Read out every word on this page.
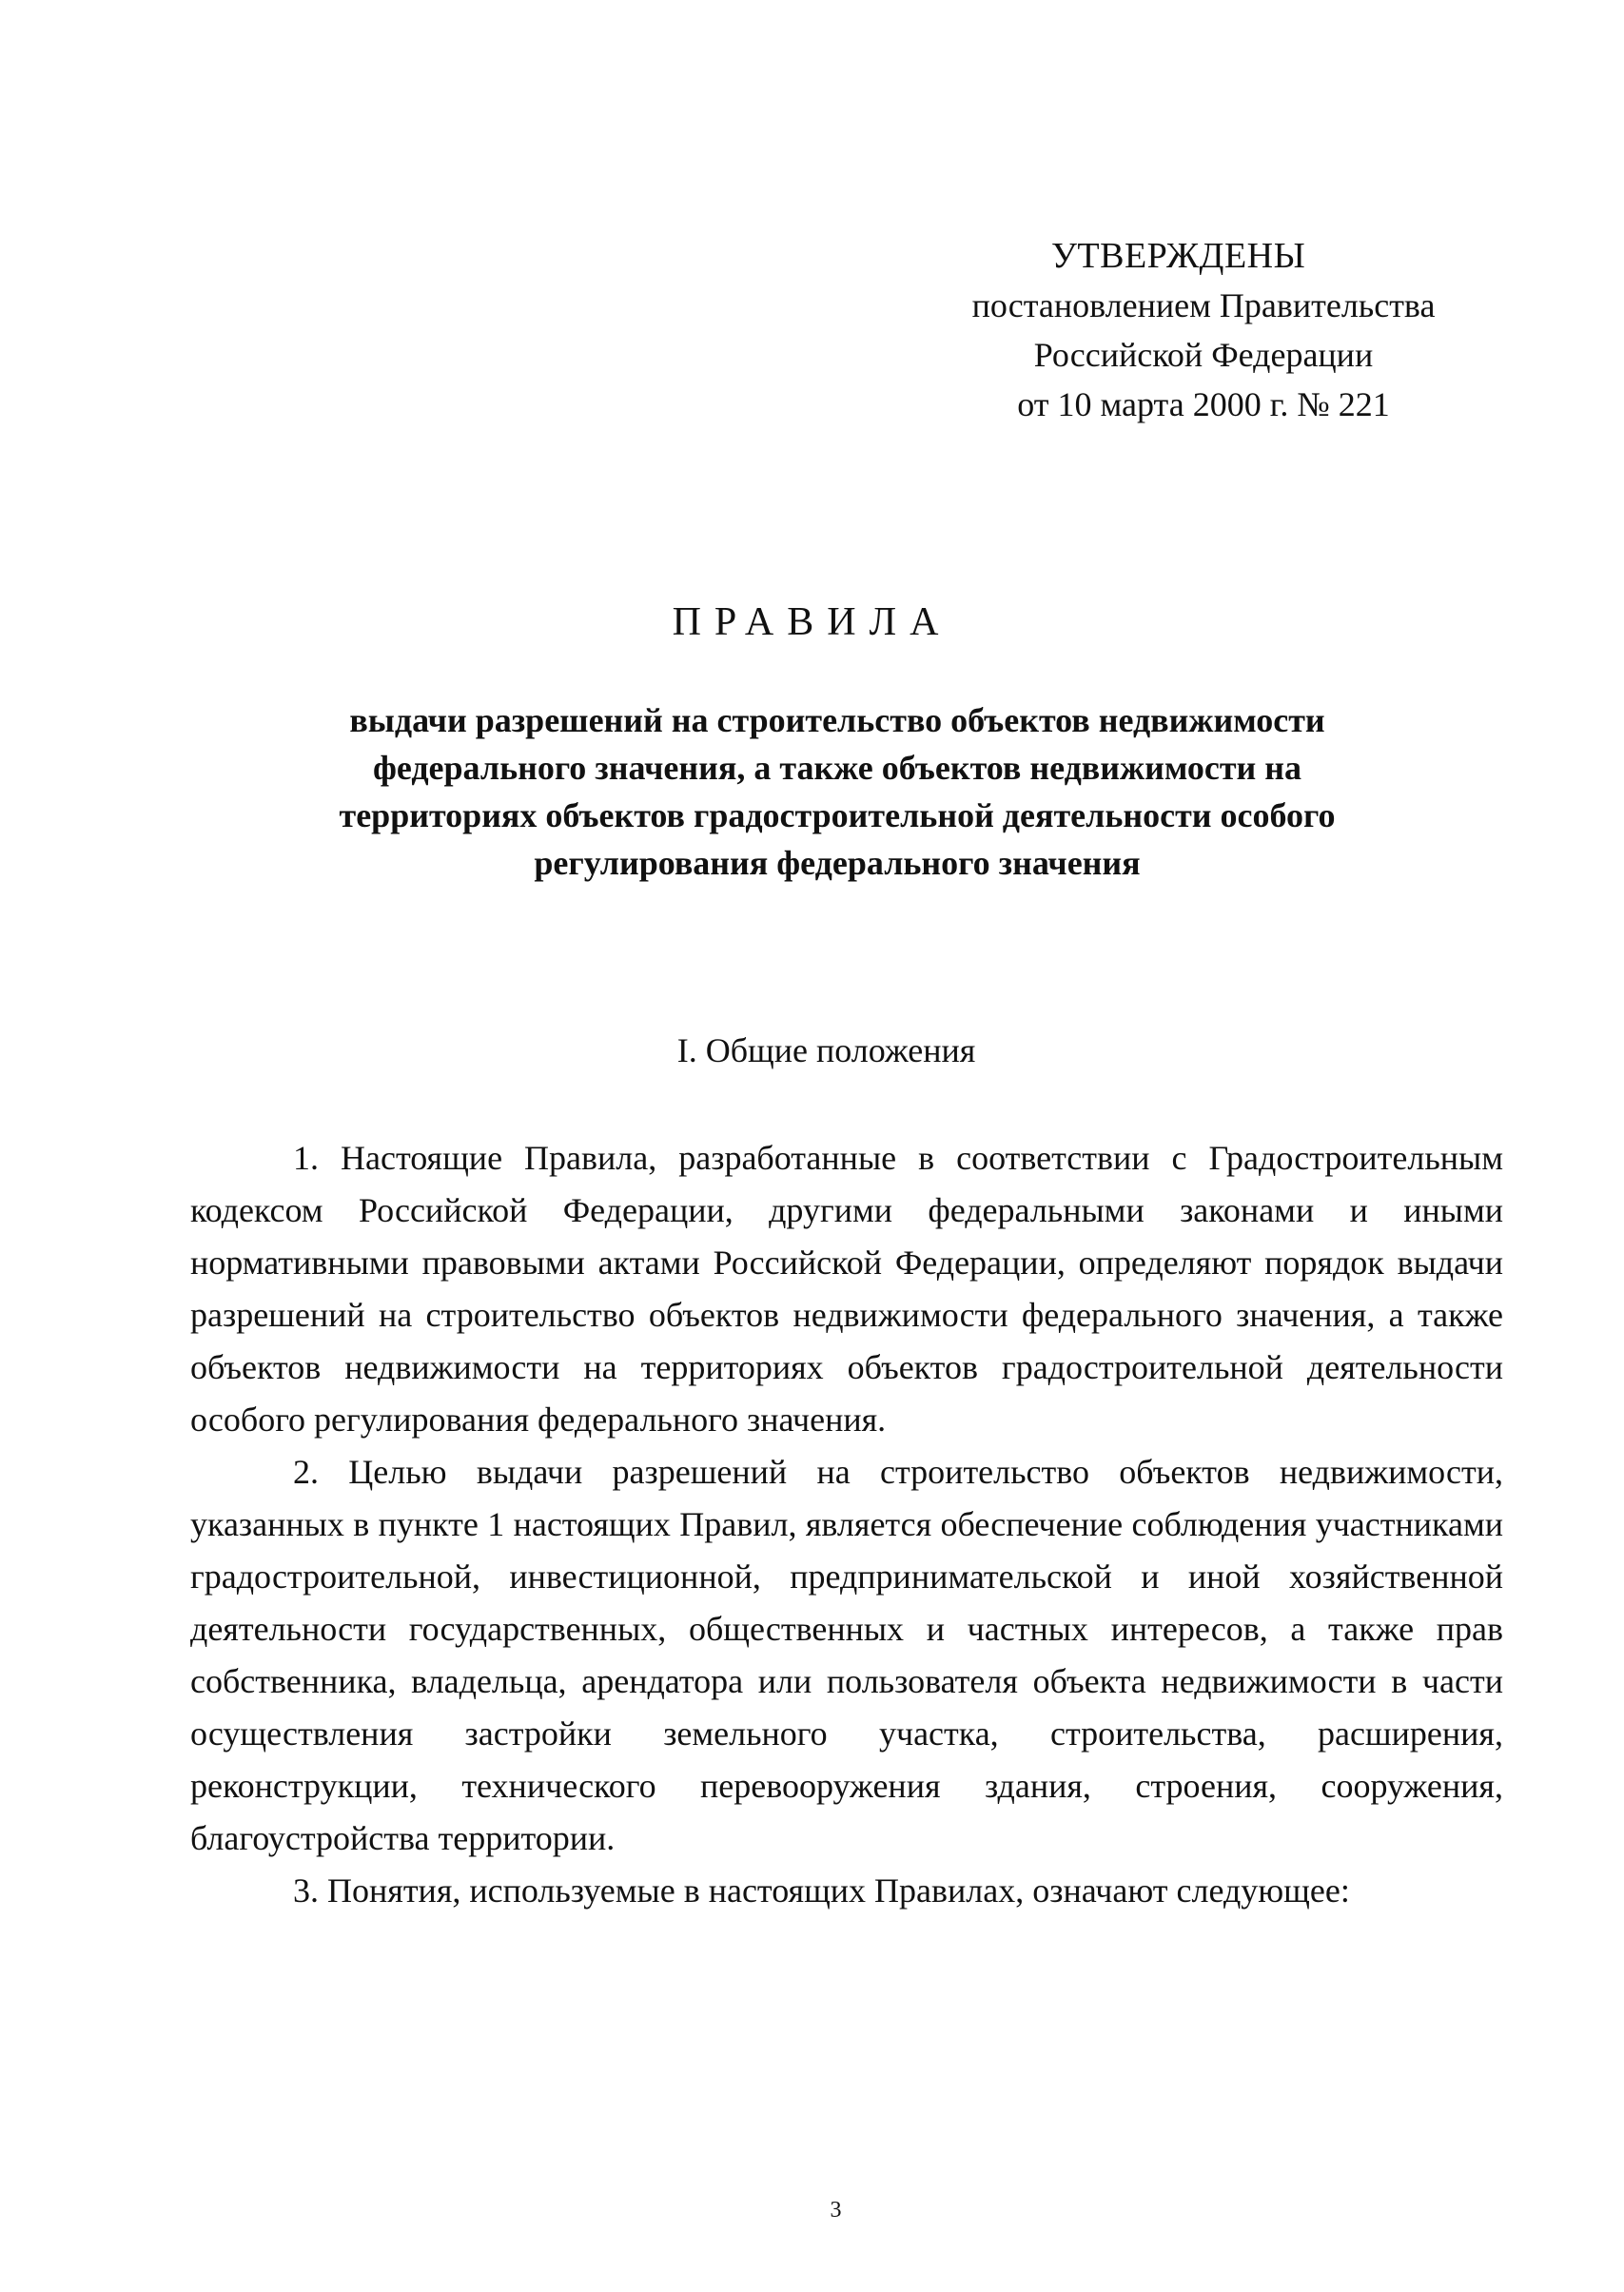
УТВЕРЖДЕНЫ
постановлением Правительства
Российской Федерации
от 10 марта 2000 г. № 221
ПРАВИЛА
выдачи разрешений на строительство объектов недвижимости
федерального значения, а также объектов недвижимости на
территориях объектов градостроительной деятельности особого
регулирования федерального значения
I. Общие положения

1. Настоящие Правила, разработанные в соответствии с Градостроительным кодексом Российской Федерации, другими федеральными законами и иными нормативными правовыми актами Российской Федерации, определяют порядок выдачи разрешений на строительство объектов недвижимости федерального значения, а также объектов недвижимости на территориях объектов градостроительной деятельности особого регулирования федерального значения.

2. Целью выдачи разрешений на строительство объектов недвижимости, указанных в пункте 1 настоящих Правил, является обеспечение соблюдения участниками градостроительной, инвестиционной, предпринимательской и иной хозяйственной деятельности государственных, общественных и частных интересов, а также прав собственника, владельца, арендатора или пользователя объекта недвижимости в части осуществления застройки земельного участка, строительства, расширения, реконструкции, технического перевооружения здания, строения, сооружения, благоустройства территории.

3. Понятия, используемые в настоящих Правилах, означают следующее:

3
